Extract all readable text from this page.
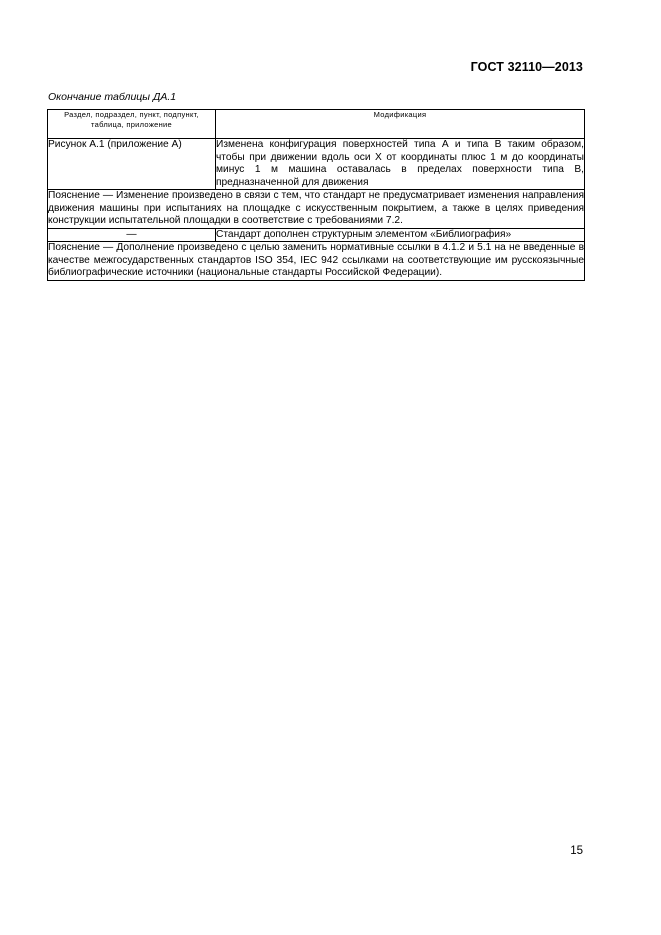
ГОСТ 32110—2013
Окончание таблицы ДА.1
Раздел, подраздел, пункт, подпункт, таблица, приложение	Модификация
Рисунок А.1 (приложение А)	Изменена конфигурация поверхностей типа А и типа В таким образом, чтобы при движении вдоль оси X от координаты плюс 1 м до координаты минус 1 м машина оставалась в пределах поверхности типа В, предназначенной для движения
Пояснение — Изменение произведено в связи с тем, что стандарт не предусматривает изменения направления движения машины при испытаниях на площадке с искусственным покрытием, а также в целях приведения конструкции испытательной площадки в соответствие с требованиями 7.2.	
—	Стандарт дополнен структурным элементом «Библиография»
Пояснение — Дополнение произведено с целью заменить нормативные ссылки в 4.1.2 и 5.1 на не введенные в качестве межгосударственных стандартов ISO 354, IEC 942 ссылками на соответствующие им русскоязычные библиографические источники (национальные стандарты Российской Федерации).	
15
